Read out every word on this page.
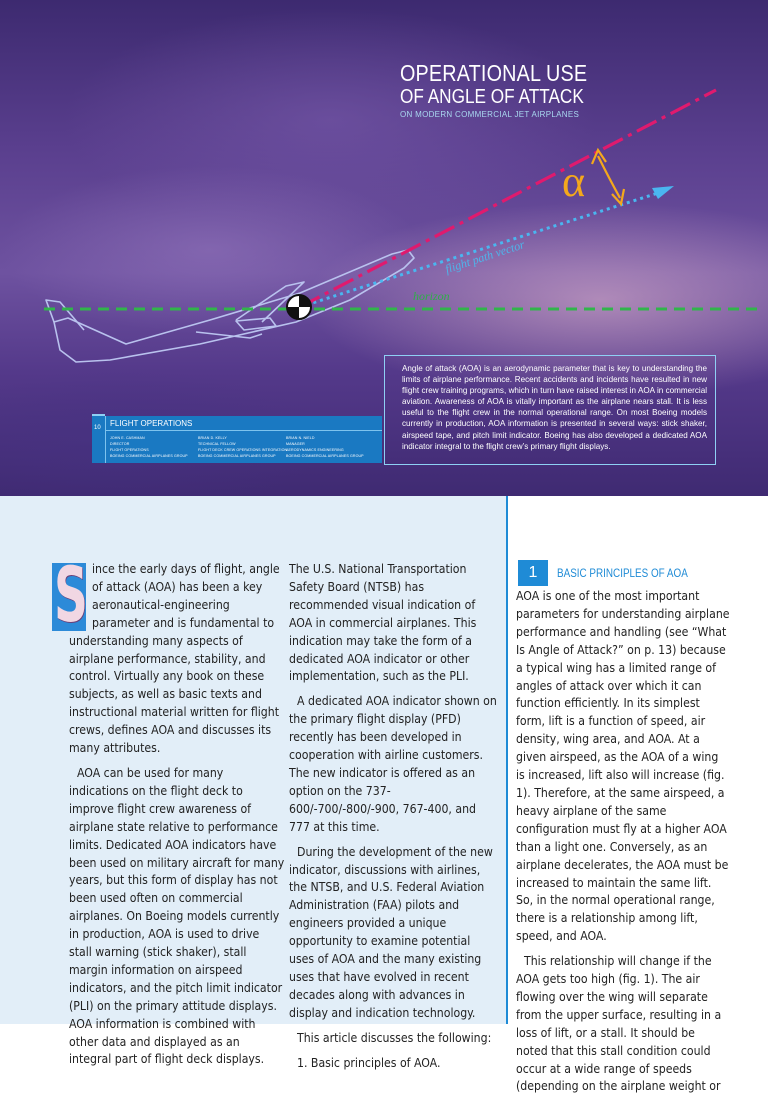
OPERATIONAL USE
OF ANGLE OF ATTACK
ON MODERN COMMERCIAL JET AIRPLANES
horizon
flight path vector
α

Angle of attack (AOA) is an aerodynamic parameter that is key to understanding the limits of airplane performance. Recent accidents and incidents have resulted in new flight crew training programs, which in turn have raised interest in AOA in commercial aviation. Awareness of AOA is vitally important as the airplane nears stall. It is less useful to the flight crew in the normal operational range. On most Boeing models currently in production, AOA information is presented in several ways: stick shaker, airspeed tape, and pitch limit indicator. Boeing has also developed a dedicated AOA indicator integral to the flight crew’s primary flight displays.

10 FLIGHT OPERATIONS
JOHN E. CASHMAN
DIRECTOR
FLIGHT OPERATIONS
BOEING COMMERCIAL AIRPLANES GROUP
BRIAN D. KELLY
TECHNICAL FELLOW
FLIGHT DECK CREW OPERATIONS INTEGRATION
BOEING COMMERCIAL AIRPLANES GROUP
BRIAN N. NIELD
MANAGER
AERODYNAMICS ENGINEERING
BOEING COMMERCIAL AIRPLANES GROUP

S ince the early days of flight, angle of attack (AOA) has been a key aeronautical-engineering parameter and is fundamental to understanding many aspects of airplane performance, stability, and control. Virtually any book on these subjects, as well as basic texts and instructional material written for flight crews, defines AOA and discusses its many attributes.

AOA can be used for many indications on the flight deck to improve flight crew awareness of airplane state relative to performance limits. Dedicated AOA indicators have been used on military aircraft for many years, but this form of display has not been used often on commercial airplanes. On Boeing models currently in production, AOA is used to drive stall warning (stick shaker), stall margin information on airspeed indicators, and the pitch limit indicator (PLI) on the primary attitude displays. AOA information is combined with other data and displayed as an integral part of flight deck displays.

The U.S. National Transportation Safety Board (NTSB) has recommended visual indication of AOA in commercial airplanes. This indication may take the form of a dedicated AOA indicator or other implementation, such as the PLI.

A dedicated AOA indicator shown on the primary flight display (PFD) recently has been developed in cooperation with airline customers. The new indicator is offered as an option on the 737-600/-700/-800/-900, 767-400, and 777 at this time.

During the development of the new indicator, discussions with airlines, the NTSB, and U.S. Federal Aviation Administration (FAA) pilots and engineers provided a unique opportunity to examine potential uses of AOA and the many existing uses that have evolved in recent decades along with advances in display and indication technology.

This article discusses the following:

1. Basic principles of AOA.

1	BASIC PRINCIPLES OF AOA

AOA is one of the most important parameters for understanding airplane performance and handling (see “What Is Angle of Attack?” on p. 13) because a typical wing has a limited range of angles of attack over which it can function efficiently. In its simplest form, lift is a function of speed, air density, wing area, and AOA. At a given airspeed, as the AOA of a wing is increased, lift also will increase (fig. 1). Therefore, at the same airspeed, a heavy airplane of the same configuration must fly at a higher AOA than a light one. Conversely, as an airplane decelerates, the AOA must be increased to maintain the same lift. So, in the normal operational range, there is a relationship among lift, speed, and AOA.

This relationship will change if the AOA gets too high (fig. 1). The air flowing over the wing will separate from the upper surface, resulting in a loss of lift, or a stall. It should be noted that this stall condition could occur at a wide range of speeds (depending on the airplane weight or
